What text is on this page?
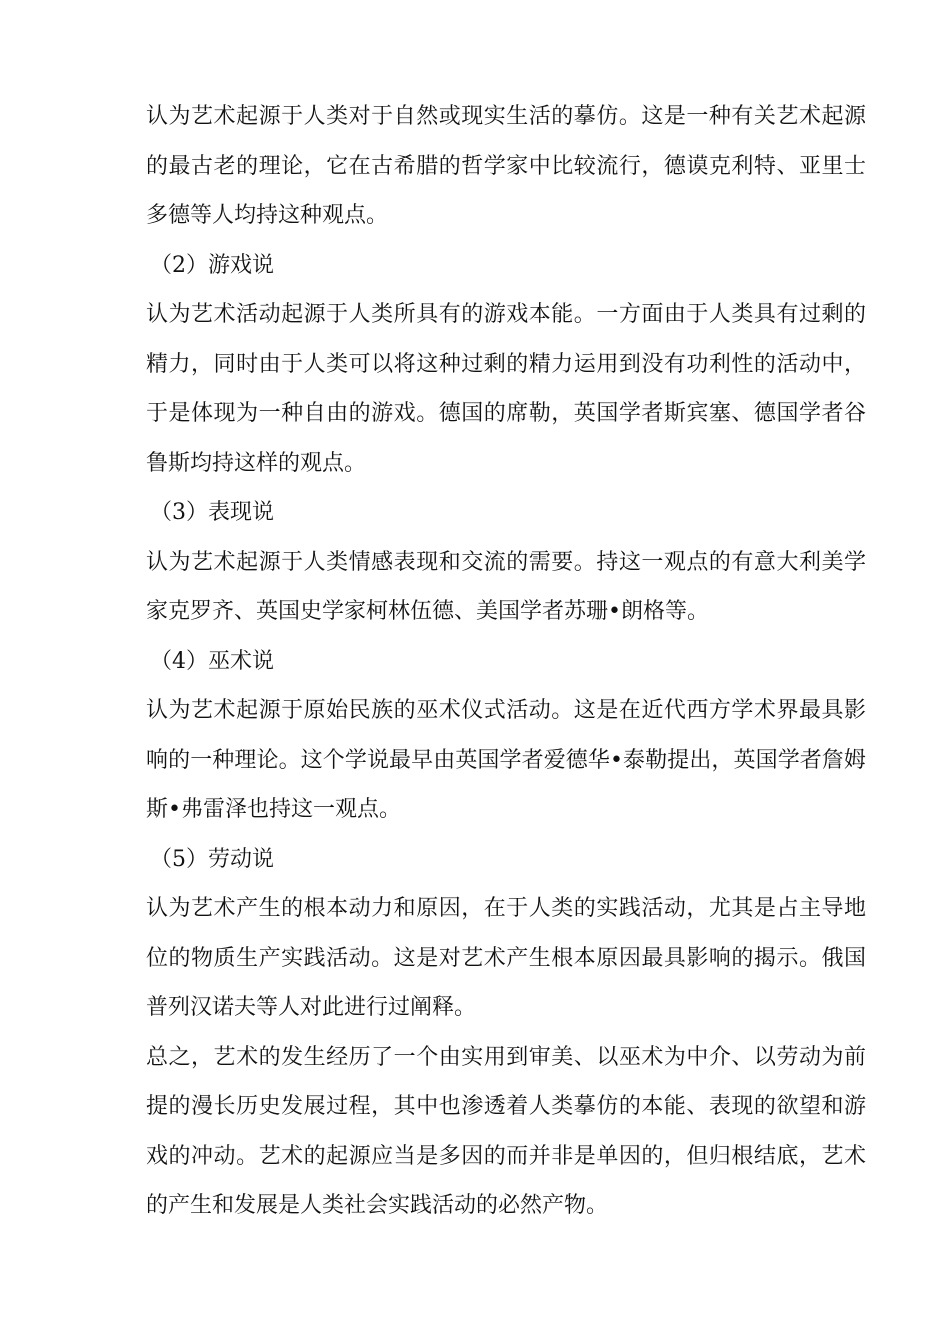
认为艺术起源于人类对于自然或现实生活的摹仿。这是一种有关艺术起源的最古老的理论，它在古希腊的哲学家中比较流行，德谟克利特、亚里士多德等人均持这种观点。

（2）游戏说

认为艺术活动起源于人类所具有的游戏本能。一方面由于人类具有过剩的精力，同时由于人类可以将这种过剩的精力运用到没有功利性的活动中，于是体现为一种自由的游戏。德国的席勒，英国学者斯宾塞、德国学者谷鲁斯均持这样的观点。

（3）表现说

认为艺术起源于人类情感表现和交流的需要。持这一观点的有意大利美学家克罗齐、英国史学家柯林伍德、美国学者苏珊•朗格等。

（4）巫术说

认为艺术起源于原始民族的巫术仪式活动。这是在近代西方学术界最具影响的一种理论。这个学说最早由英国学者爱德华•泰勒提出，英国学者詹姆斯•弗雷泽也持这一观点。

（5）劳动说

认为艺术产生的根本动力和原因，在于人类的实践活动，尤其是占主导地位的物质生产实践活动。这是对艺术产生根本原因最具影响的揭示。俄国普列汉诺夫等人对此进行过阐释。

总之，艺术的发生经历了一个由实用到审美、以巫术为中介、以劳动为前提的漫长历史发展过程，其中也渗透着人类摹仿的本能、表现的欲望和游戏的冲动。艺术的起源应当是多因的而并非是单因的，但归根结底，艺术的产生和发展是人类社会实践活动的必然产物。
